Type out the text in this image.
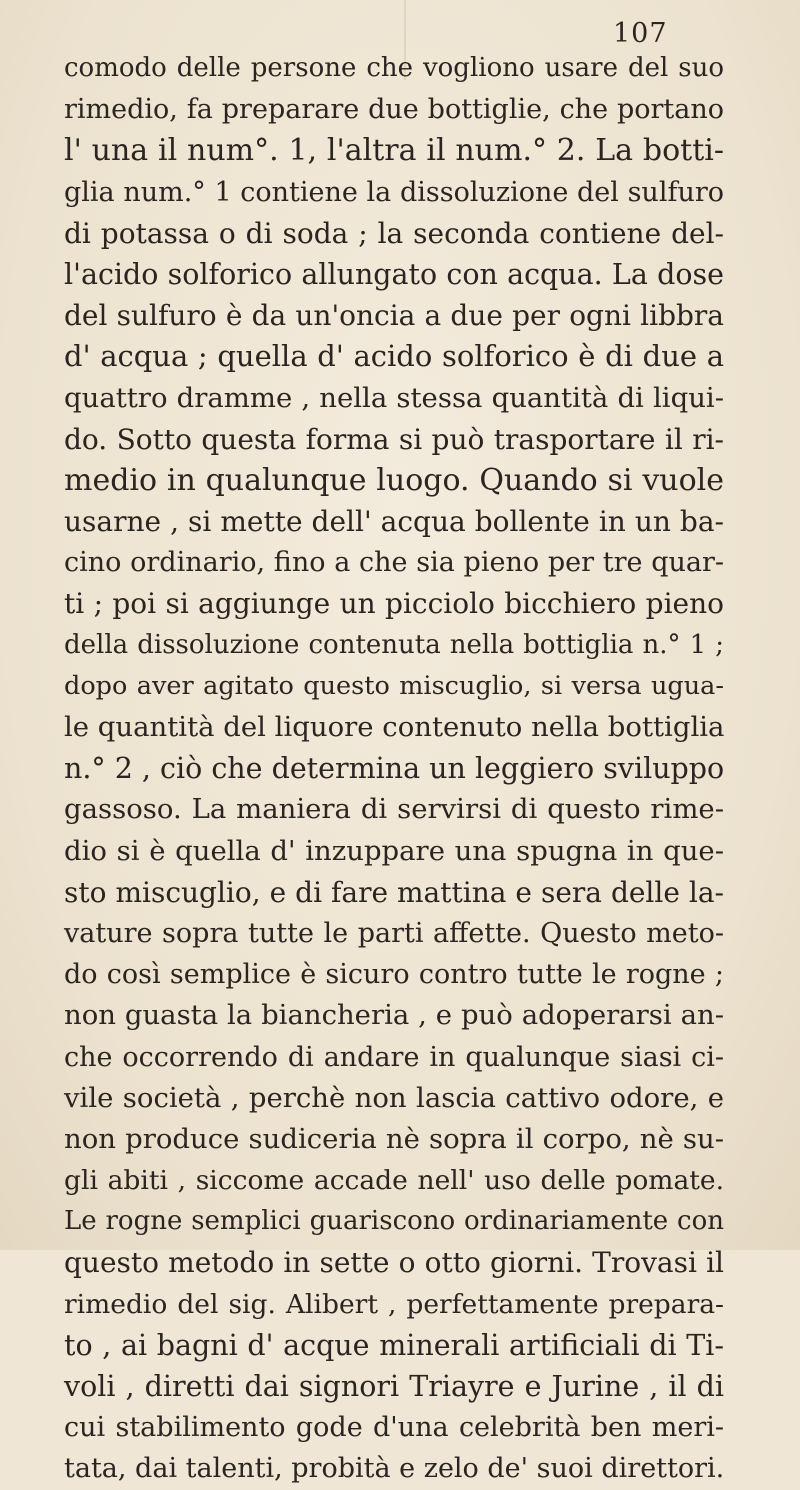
107
comodo delle persone che vogliono usare del suo
rimedio, fa preparare due bottiglie, che portano
l' una il num°. 1, l'altra il num.° 2. La botti-
glia num.° 1 contiene la dissoluzione del sulfuro
di potassa o di soda ; la seconda contiene del-
l'acido solforico allungato con acqua. La dose
del sulfuro è da un'oncia a due per ogni libbra
d' acqua ; quella d' acido solforico è di due a
quattro dramme , nella stessa quantità di liqui-
do. Sotto questa forma si può trasportare il ri-
medio in qualunque luogo. Quando si vuole
usarne , si mette dell' acqua bollente in un ba-
cino ordinario, fino a che sia pieno per tre quar-
ti ; poi si aggiunge un picciolo bicchiero pieno
della dissoluzione contenuta nella bottiglia n.° 1 ;
dopo aver agitato questo miscuglio, si versa ugua-
le quantità del liquore contenuto nella bottiglia
n.° 2 , ciò che determina un leggiero sviluppo
gassoso. La maniera di servirsi di questo rime-
dio si è quella d' inzuppare una spugna in que-
sto miscuglio, e di fare mattina e sera delle la-
vature sopra tutte le parti affette. Questo meto-
do così semplice è sicuro contro tutte le rogne ;
non guasta la biancheria , e può adoperarsi an-
che occorrendo di andare in qualunque siasi ci-
vile società , perchè non lascia cattivo odore, e
non produce sudiceria nè sopra il corpo, nè su-
gli abiti , siccome accade nell' uso delle pomate.
Le rogne semplici guariscono ordinariamente con
questo metodo in sette o otto giorni. Trovasi il
rimedio del sig. Alibert , perfettamente prepara-
to , ai bagni d' acque minerali artificiali di Ti-
voli , diretti dai signori Triayre e Jurine , il di
cui stabilimento gode d'una celebrità ben meri-
tata, dai talenti, probità e zelo de' suoi direttori.
